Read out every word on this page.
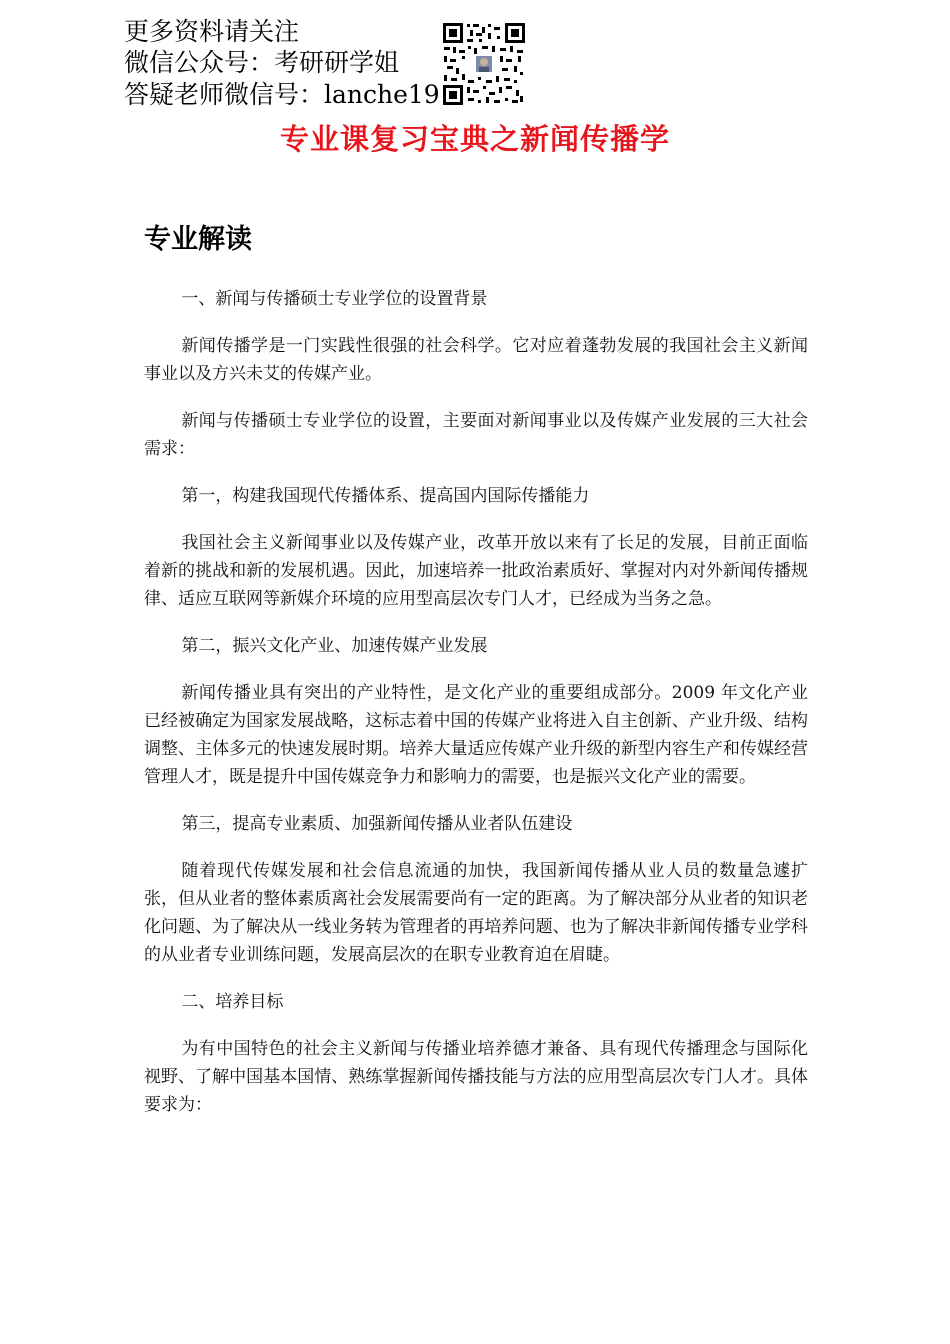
更多资料请关注
微信公众号：考研研学姐
答疑老师微信号：lanche19
专业课复习宝典之新闻传播学
专业解读

一、新闻与传播硕士专业学位的设置背景

新闻传播学是一门实践性很强的社会科学。它对应着蓬勃发展的我国社会主义新闻事业以及方兴未艾的传媒产业。

新闻与传播硕士专业学位的设置，主要面对新闻事业以及传媒产业发展的三大社会需求：

第一，构建我国现代传播体系、提高国内国际传播能力

我国社会主义新闻事业以及传媒产业，改革开放以来有了长足的发展，目前正面临着新的挑战和新的发展机遇。因此，加速培养一批政治素质好、掌握对内对外新闻传播规律、适应互联网等新媒介环境的应用型高层次专门人才，已经成为当务之急。

第二，振兴文化产业、加速传媒产业发展

新闻传播业具有突出的产业特性，是文化产业的重要组成部分。2009 年文化产业已经被确定为国家发展战略，这标志着中国的传媒产业将进入自主创新、产业升级、结构调整、主体多元的快速发展时期。培养大量适应传媒产业升级的新型内容生产和传媒经营管理人才，既是提升中国传媒竞争力和影响力的需要，也是振兴文化产业的需要。

第三，提高专业素质、加强新闻传播从业者队伍建设

随着现代传媒发展和社会信息流通的加快，我国新闻传播从业人员的数量急遽扩张，但从业者的整体素质离社会发展需要尚有一定的距离。为了解决部分从业者的知识老化问题、为了解决从一线业务转为管理者的再培养问题、也为了解决非新闻传播专业学科的从业者专业训练问题，发展高层次的在职专业教育迫在眉睫。

二、培养目标

为有中国特色的社会主义新闻与传播业培养德才兼备、具有现代传播理念与国际化视野、了解中国基本国情、熟练掌握新闻传播技能与方法的应用型高层次专门人才。具体要求为：
